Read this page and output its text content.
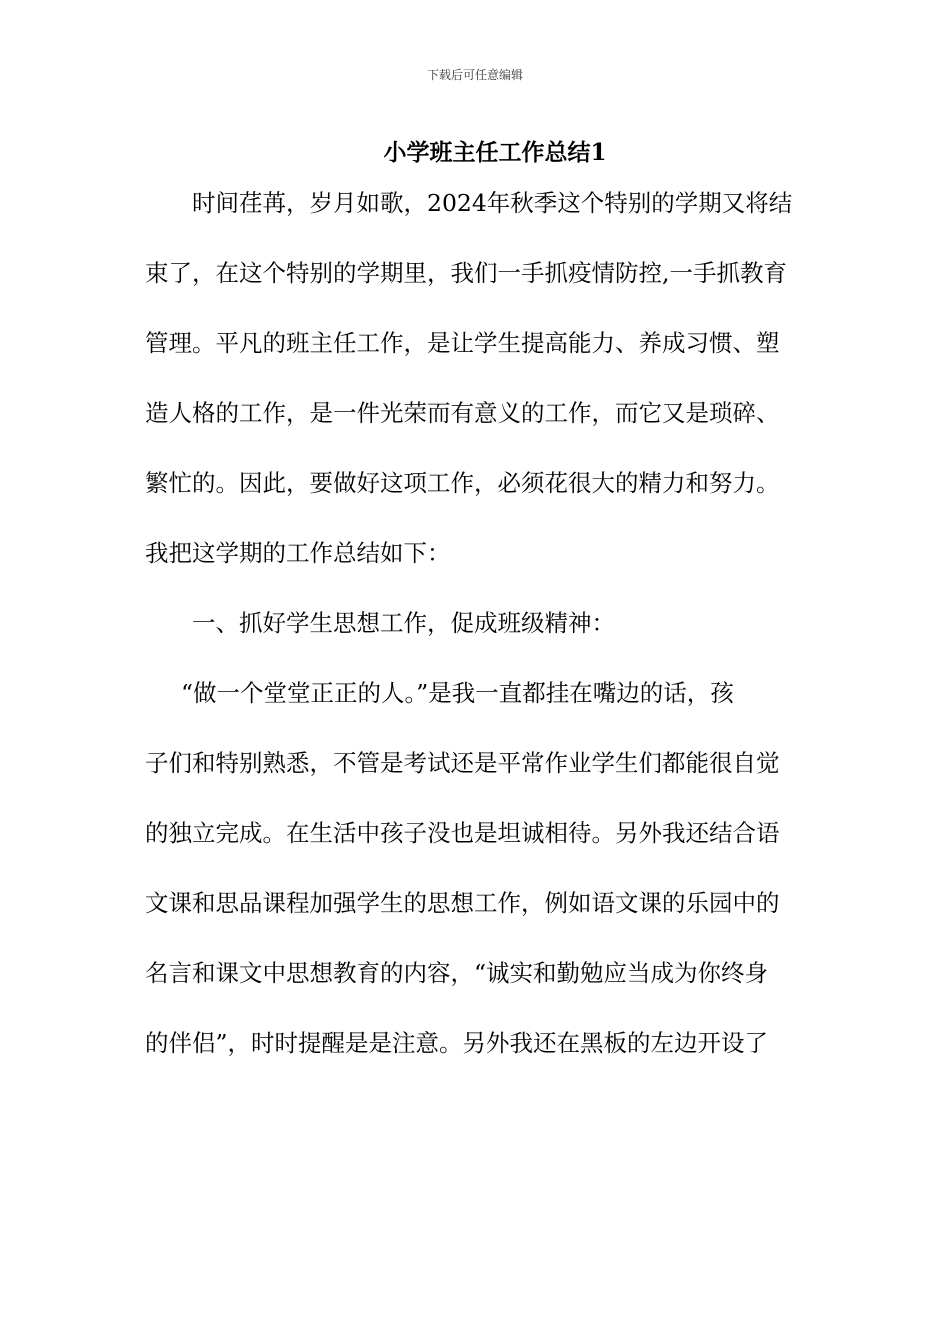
下载后可任意编辑
小学班主任工作总结1
时间荏苒，岁月如歌，2024年秋季这个特别的学期又将结
束了，在这个特别的学期里，我们一手抓疫情防控,一手抓教育
管理。平凡的班主任工作，是让学生提高能力、养成习惯、塑
造人格的工作，是一件光荣而有意义的工作，而它又是琐碎、
繁忙的。因此，要做好这项工作，必须花很大的精力和努力。
我把这学期的工作总结如下：
一、抓好学生思想工作，促成班级精神：
“做一个堂堂正正的人。”是我一直都挂在嘴边的话，孩
子们和特别熟悉，不管是考试还是平常作业学生们都能很自觉
的独立完成。在生活中孩子没也是坦诚相待。另外我还结合语
文课和思品课程加强学生的思想工作，例如语文课的乐园中的
名言和课文中思想教育的内容，“诚实和勤勉应当成为你终身
的伴侣”，时时提醒是是注意。另外我还在黑板的左边开设了
